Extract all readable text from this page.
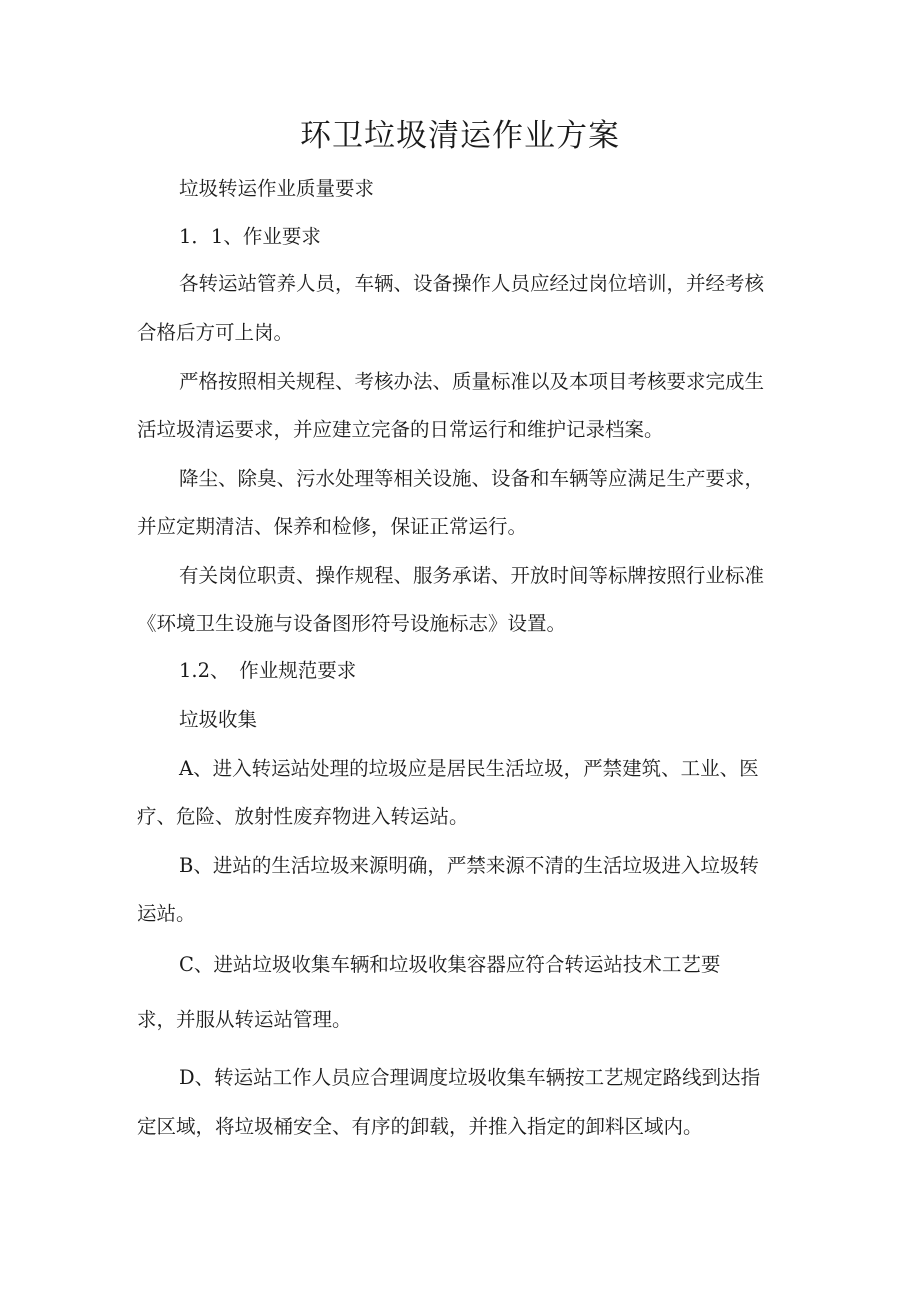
环卫垃圾清运作业方案

垃圾转运作业质量要求

1．1、作业要求

各转运站管养人员，车辆、设备操作人员应经过岗位培训，并经考核

合格后方可上岗。

严格按照相关规程、考核办法、质量标准以及本项目考核要求完成生

活垃圾清运要求，并应建立完备的日常运行和维护记录档案。

降尘、除臭、污水处理等相关设施、设备和车辆等应满足生产要求，

并应定期清洁、保养和检修，保证正常运行。

有关岗位职责、操作规程、服务承诺、开放时间等标牌按照行业标准

《环境卫生设施与设备图形符号设施标志》设置。

1.2、　作业规范要求

垃圾收集

A、进入转运站处理的垃圾应是居民生活垃圾，严禁建筑、工业、医

疗、危险、放射性废弃物进入转运站。

B、进站的生活垃圾来源明确，严禁来源不清的生活垃圾进入垃圾转

运站。

C、进站垃圾收集车辆和垃圾收集容器应符合转运站技术工艺要

求，并服从转运站管理。

D、转运站工作人员应合理调度垃圾收集车辆按工艺规定路线到达指

定区域，将垃圾桶安全、有序的卸载，并推入指定的卸料区域内。
